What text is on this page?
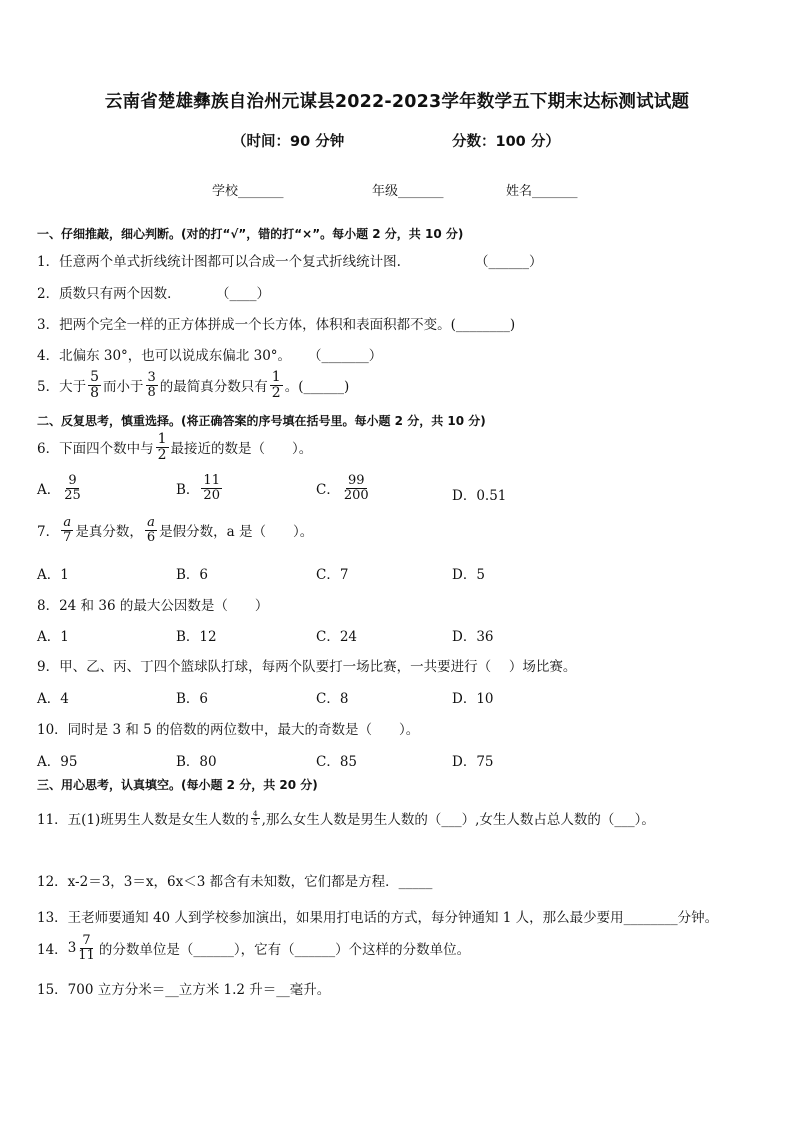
云南省楚雄彝族自治州元谋县2022-2023学年数学五下期末达标测试试题
（时间：90 分钟	分数：100 分）
学校_______	年级_______	姓名_______
一、仔细推敲，细心判断。(对的打“√”，错的打“×”。每小题 2 分，共 10 分)
1．任意两个单式折线统计图都可以合成一个复式折线统计图.	（______）
2．质数只有两个因数．	（____）
3．把两个完全一样的正方体拼成一个长方体，体积和表面积都不变。(________)
4．北偏东 30°，也可以说成东偏北 30°。 （_______）
5．大于 $\frac{5}{8}$ 而小于 $\frac{3}{8}$ 的最简真分数只有 $\frac{1}{2}$ 。(______)
二、反复思考，慎重选择。(将正确答案的序号填在括号里。每小题 2 分，共 10 分)
6．下面四个数中与 $\frac{1}{2}$ 最接近的数是（　　）。
A． $\frac{9}{25}$	B． $\frac{11}{20}$	C． $\frac{99}{200}$	D．0.51
7． $\frac{a}{7}$ 是真分数， $\frac{a}{6}$ 是假分数，a 是（　　）。
A．1	B．6	C．7	D．5
8．24 和 36 的最大公因数是（　　）
A．1	B．12	C．24	D．36
9．甲、乙、丙、丁四个篮球队打球，每两个队要打一场比赛，一共要进行（　 ）场比赛。
A．4	B．6	C．8	D．10
10．同时是 3 和 5 的倍数的两位数中，最大的奇数是（　　）。
A．95	B．80	C．85	D．75
三、用心思考，认真填空。(每小题 2 分，共 20 分)
11．五(1)班男生人数是女生人数的 $\frac{4}{5}$ ,那么女生人数是男生人数的（___）,女生人数占总人数的（___）。
12．x-2＝3，3＝x，6x＜3 都含有未知数，它们都是方程．_____
13．王老师要通知 40 人到学校参加演出，如果用打电话的方式，每分钟通知 1 人，那么最少要用________分钟。
14． $3 \frac{7}{11}$ 的分数单位是（______），它有（______）个这样的分数单位。
15．700 立方分米＝__立方米 1.2 升＝__毫升。
